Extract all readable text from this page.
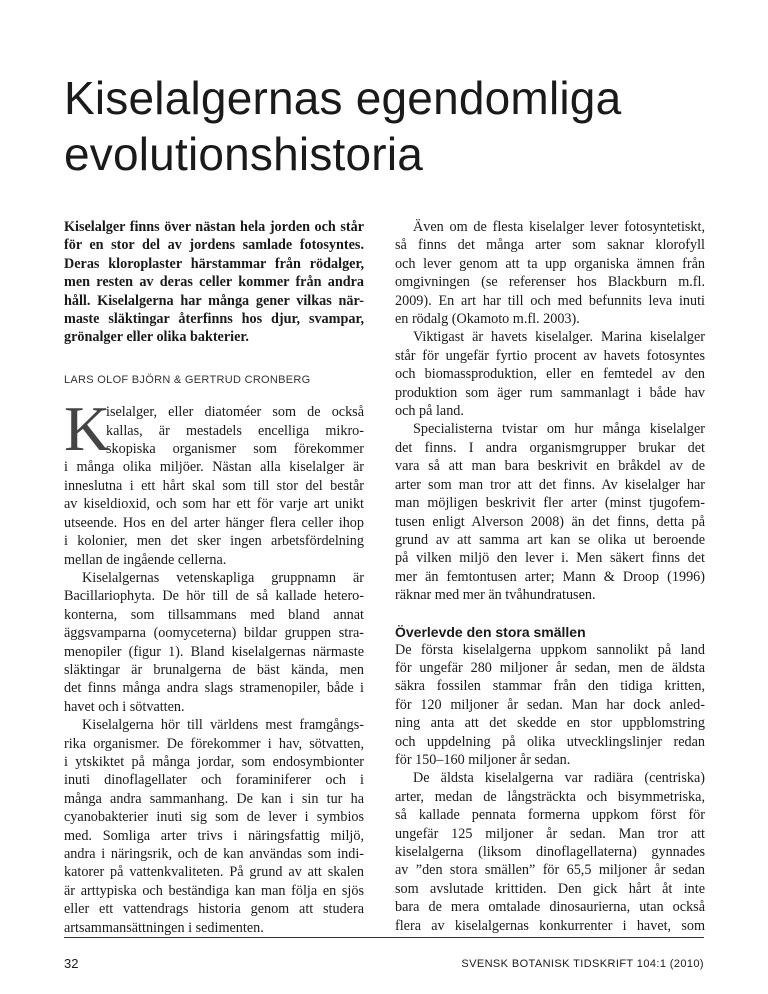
Kiselalgernas egendomliga evolutionshistoria
Kiselalger finns över nästan hela jorden och står
för en stor del av jordens samlade fotosyntes.
Deras kloroplaster härstammar från rödalger,
men resten av deras celler kommer från andra
håll. Kiselalgerna har många gener vilkas när-
maste släktingar återfinns hos djur, svampar,
grönalger eller olika bakterier.
LARS OLOF BJÖRN & GERTRUD CRONBERG
K
iselalger, eller diatoméer som de också
kallas, är mestadels encelliga mikro-
skopiska organismer som förekommer
i många olika miljöer. Nästan alla kiselalger är
inneslutna i ett hårt skal som till stor del består
av kiseldioxid, och som har ett för varje art unikt
utseende. Hos en del arter hänger flera celler ihop
i kolonier, men det sker ingen arbetsfördelning
mellan de ingående cellerna.
Kiselalgernas vetenskapliga gruppnamn är
Bacillariophyta. De hör till de så kallade hetero-
konterna, som tillsammans med bland annat
äggsvamparna (oomyceterna) bildar gruppen stra-
menopiler (figur 1). Bland kiselalgernas närmaste
släktingar är brunalgerna de bäst kända, men
det finns många andra slags stramenopiler, både i
havet och i sötvatten.
Kiselalgerna hör till världens mest framgångs-
rika organismer. De förekommer i hav, sötvatten,
i ytskiktet på många jordar, som endosymbionter
inuti dinoflagellater och foraminiferer och i
många andra sammanhang. De kan i sin tur ha
cyanobakterier inuti sig som de lever i symbios
med. Somliga arter trivs i näringsfattig miljö,
andra i näringsrik, och de kan användas som indi-
katorer på vattenkvaliteten. På grund av att skalen
är arttypiska och beständiga kan man följa en sjös
eller ett vattendrags historia genom att studera
artsammansättningen i sedimenten.
Även om de flesta kiselalger lever fotosyntetiskt,
så finns det många arter som saknar klorofyll
och lever genom att ta upp organiska ämnen från
omgivningen (se referenser hos Blackburn m.fl.
2009). En art har till och med befunnits leva inuti
en rödalg (Okamoto m.fl. 2003).
Viktigast är havets kiselalger. Marina kiselalger
står för ungefär fyrtio procent av havets fotosyntes
och biomassproduktion, eller en femtedel av den
produktion som äger rum sammanlagt i både hav
och på land.
Specialisterna tvistar om hur många kiselalger
det finns. I andra organismgrupper brukar det
vara så att man bara beskrivit en bråkdel av de
arter som man tror att det finns. Av kiselalger har
man möjligen beskrivit fler arter (minst tjugofem-
tusen enligt Alverson 2008) än det finns, detta på
grund av att samma art kan se olika ut beroende
på vilken miljö den lever i. Men säkert finns det
mer än femtontusen arter; Mann & Droop (1996)
räknar med mer än tvåhundratusen.
Överlevde den stora smällen
De första kiselalgerna uppkom sannolikt på land
för ungefär 280 miljoner år sedan, men de äldsta
säkra fossilen stammar från den tidiga kritten,
för 120 miljoner år sedan. Man har dock anled-
ning anta att det skedde en stor uppblomstring
och uppdelning på olika utvecklingslinjer redan
för 150–160 miljoner år sedan.
De äldsta kiselalgerna var radiära (centriska)
arter, medan de långsträckta och bisymmetriska,
så kallade pennata formerna uppkom först för
ungefär 125 miljoner år sedan. Man tror att
kiselalgerna (liksom dinoflagellaterna) gynnades
av ”den stora smällen” för 65,5 miljoner år sedan
som avslutade krittiden. Den gick hårt åt inte
bara de mera omtalade dinosaurierna, utan också
flera av kiselalgernas konkurrenter i havet, som
32	SVENSK BOTANISK TIDSKRIFT 104:1 (2010)
